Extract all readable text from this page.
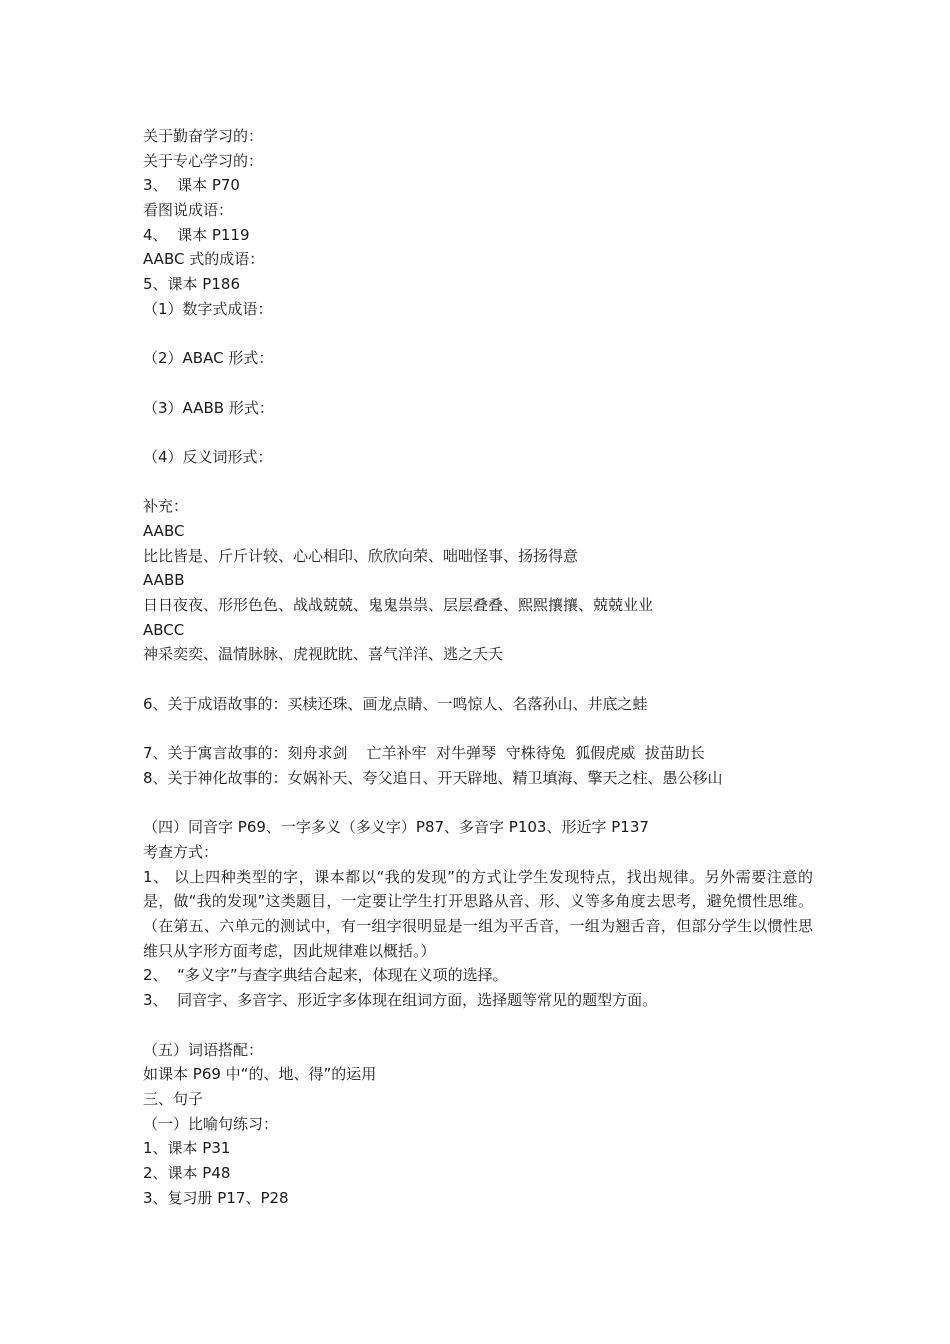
关于勤奋学习的：
关于专心学习的：
3、  课本 P70
看图说成语：
4、  课本 P119
AABC 式的成语：
5、课本 P186
（1）数字式成语：
（2）ABAC 形式：
（3）AABB 形式：
（4）反义词形式：
补充：
AABC
比比皆是、斤斤计较、心心相印、欣欣向荣、咄咄怪事、扬扬得意
AABB
日日夜夜、形形色色、战战兢兢、鬼鬼祟祟、层层叠叠、熙熙攘攘、兢兢业业
ABCC
神采奕奕、温情脉脉、虎视眈眈、喜气洋洋、逃之夭夭
6、关于成语故事的：买椟还珠、画龙点睛、一鸣惊人、名落孙山、井底之蛙
7、关于寓言故事的：刻舟求剑    亡羊补牢  对牛弹琴  守株待兔  狐假虎威  拔苗助长
8、关于神化故事的：女娲补天、夸父追日、开天辟地、精卫填海、擎天之柱、愚公移山
（四）同音字 P69、一字多义（多义字）P87、多音字 P103、形近字 P137
考查方式：
1、 以上四种类型的字，课本都以“我的发现”的方式让学生发现特点，找出规律。另外需要注意的是，做“我的发现”这类题目，一定要让学生打开思路从音、形、义等多角度去思考，避免惯性思维。（在第五、六单元的测试中，有一组字很明显是一组为平舌音，一组为翘舌音，但部分学生以惯性思维只从字形方面考虑，因此规律难以概括。）
2、  “多义字”与查字典结合起来，体现在义项的选择。
3、  同音字、多音字、形近字多体现在组词方面，选择题等常见的题型方面。
（五）词语搭配：
如课本 P69 中“的、地、得”的运用
三、句子
（一）比喻句练习：
1、课本 P31
2、课本 P48
3、复习册 P17、P28
